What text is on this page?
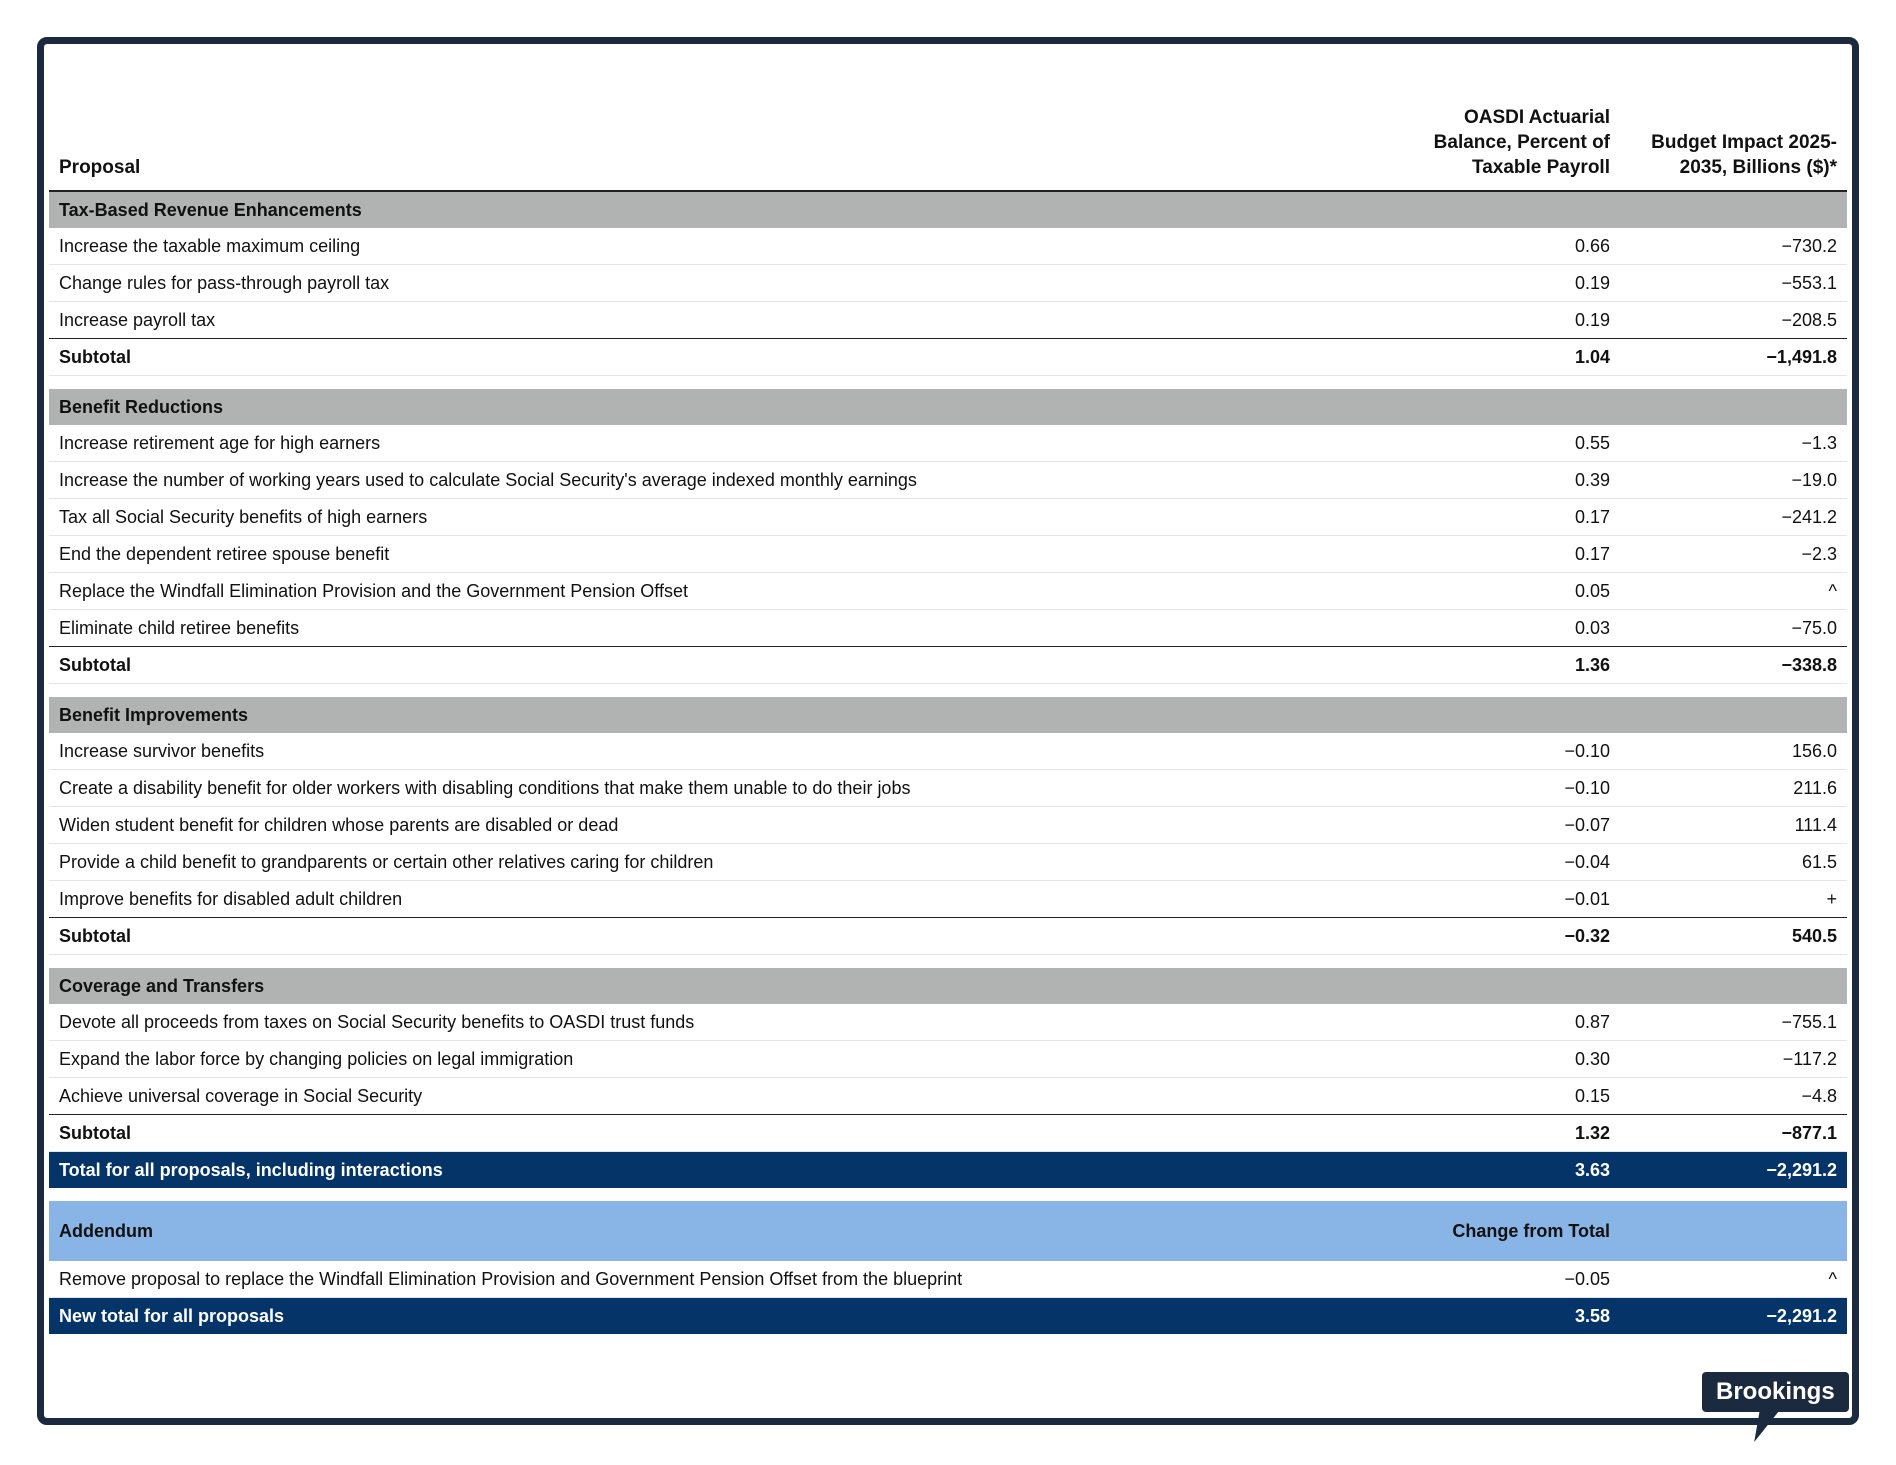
Proposal	OASDI Actuarial Balance, Percent of Taxable Payroll	Budget Impact 2025-2035, Billions ($)*
Tax-Based Revenue Enhancements		
Increase the taxable maximum ceiling	0.66	−730.2
Change rules for pass-through payroll tax	0.19	−553.1
Increase payroll tax	0.19	−208.5
Subtotal	1.04	−1,491.8

Benefit Reductions		
Increase retirement age for high earners	0.55	−1.3
Increase the number of working years used to calculate Social Security's average indexed monthly earnings	0.39	−19.0
Tax all Social Security benefits of high earners	0.17	−241.2
End the dependent retiree spouse benefit	0.17	−2.3
Replace the Windfall Elimination Provision and the Government Pension Offset	0.05	^
Eliminate child retiree benefits	0.03	−75.0
Subtotal	1.36	−338.8

Benefit Improvements		
Increase survivor benefits	−0.10	156.0
Create a disability benefit for older workers with disabling conditions that make them unable to do their jobs	−0.10	211.6
Widen student benefit for children whose parents are disabled or dead	−0.07	111.4
Provide a child benefit to grandparents or certain other relatives caring for children	−0.04	61.5
Improve benefits for disabled adult children	−0.01	+
Subtotal	−0.32	540.5

Coverage and Transfers		
Devote all proceeds from taxes on Social Security benefits to OASDI trust funds	0.87	−755.1
Expand the labor force by changing policies on legal immigration	0.30	−117.2
Achieve universal coverage in Social Security	0.15	−4.8
Subtotal	1.32	−877.1
Total for all proposals, including interactions	3.63	−2,291.2

Addendum	Change from Total	
Remove proposal to replace the Windfall Elimination Provision and Government Pension Offset from the blueprint	−0.05	^
New total for all proposals	3.58	−2,291.2
Brookings
